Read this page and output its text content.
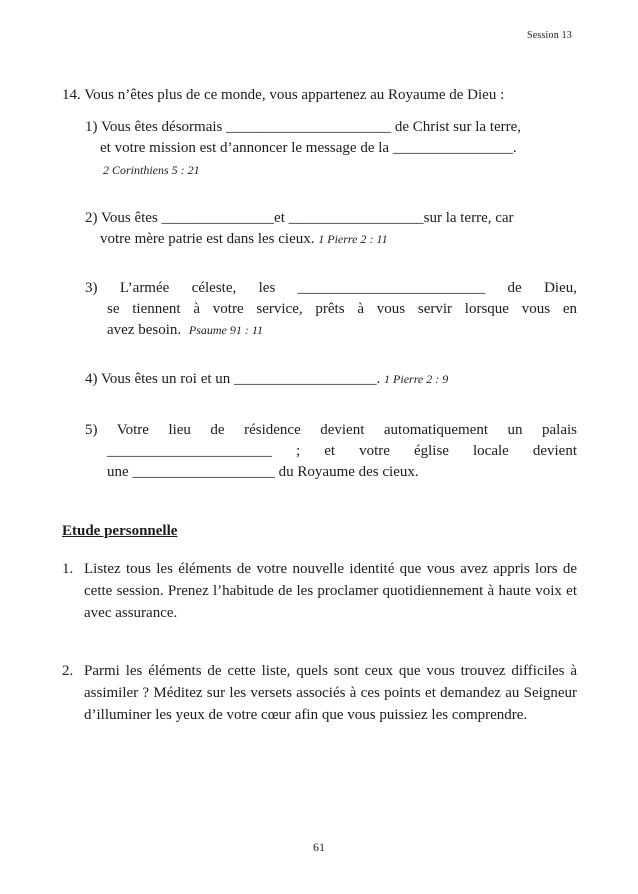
Session 13
14. Vous n’êtes plus de ce monde, vous appartenez au Royaume de Dieu :
1) Vous êtes désormais ______________________ de Christ sur la terre,
et votre mission est d’annoncer le message de la ________________.
2 Corinthiens 5 : 21
2) Vous êtes _______________et __________________sur la terre, car
votre mère patrie est dans les cieux. 1 Pierre 2 : 11
3) L’armée céleste, les _________________________ de Dieu,
se tiennent à votre service, prêts à vous servir lorsque vous en
avez besoin. Psaume 91 : 11
4) Vous êtes un roi et un ___________________. 1 Pierre 2 : 9
5) Votre lieu de résidence devient automatiquement un palais
______________________ ; et votre église locale devient
une ___________________ du Royaume des cieux.
Etude personnelle
1. Listez tous les éléments de votre nouvelle identité que vous avez appris lors de cette session. Prenez l’habitude de les proclamer quotidiennement à haute voix et avec assurance.
2. Parmi les éléments de cette liste, quels sont ceux que vous trouvez difficiles à assimiler ? Méditez sur les versets associés à ces points et demandez au Seigneur d’illuminer les yeux de votre cœur afin que vous puissiez les comprendre.
61
